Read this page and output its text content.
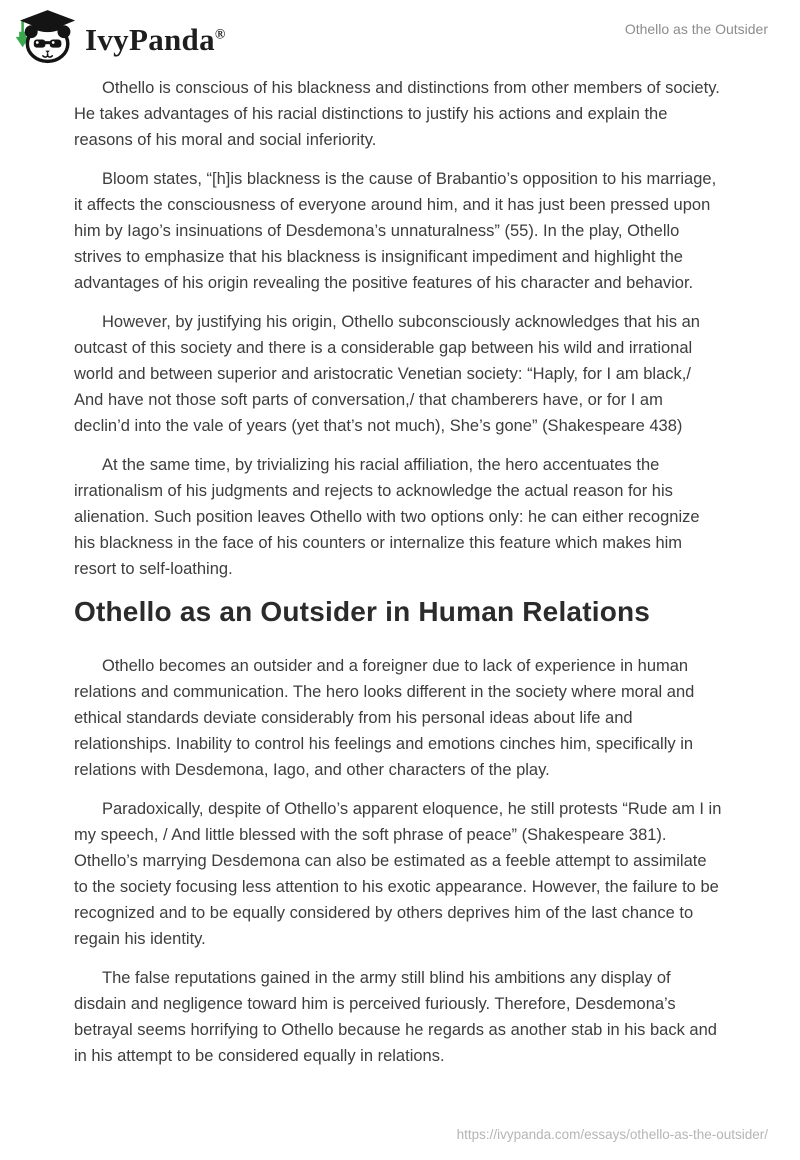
IvyPanda®	Othello as the Outsider

Othello is conscious of his blackness and distinctions from other members of society. He takes advantages of his racial distinctions to justify his actions and explain the reasons of his moral and social inferiority.

Bloom states, “[h]is blackness is the cause of Brabantio’s opposition to his marriage, it affects the consciousness of everyone around him, and it has just been pressed upon him by Iago’s insinuations of Desdemona’s unnaturalness” (55). In the play, Othello strives to emphasize that his blackness is insignificant impediment and highlight the advantages of his origin revealing the positive features of his character and behavior.

However, by justifying his origin, Othello subconsciously acknowledges that his an outcast of this society and there is a considerable gap between his wild and irrational world and between superior and aristocratic Venetian society: “Haply, for I am black,/ And have not those soft parts of conversation,/ that chamberers have, or for I am declin’d into the vale of years (yet that’s not much), She’s gone” (Shakespeare 438)

At the same time, by trivializing his racial affiliation, the hero accentuates the irrationalism of his judgments and rejects to acknowledge the actual reason for his alienation. Such position leaves Othello with two options only: he can either recognize his blackness in the face of his counters or internalize this feature which makes him resort to self-loathing.

Othello as an Outsider in Human Relations

Othello becomes an outsider and a foreigner due to lack of experience in human relations and communication. The hero looks different in the society where moral and ethical standards deviate considerably from his personal ideas about life and relationships. Inability to control his feelings and emotions cinches him, specifically in relations with Desdemona, Iago, and other characters of the play.

Paradoxically, despite of Othello’s apparent eloquence, he still protests “Rude am I in my speech, / And little blessed with the soft phrase of peace” (Shakespeare 381). Othello’s marrying Desdemona can also be estimated as a feeble attempt to assimilate to the society focusing less attention to his exotic appearance. However, the failure to be recognized and to be equally considered by others deprives him of the last chance to regain his identity.

The false reputations gained in the army still blind his ambitions any display of disdain and negligence toward him is perceived furiously. Therefore, Desdemona’s betrayal seems horrifying to Othello because he regards as another stab in his back and in his attempt to be considered equally in relations.

https://ivypanda.com/essays/othello-as-the-outsider/
